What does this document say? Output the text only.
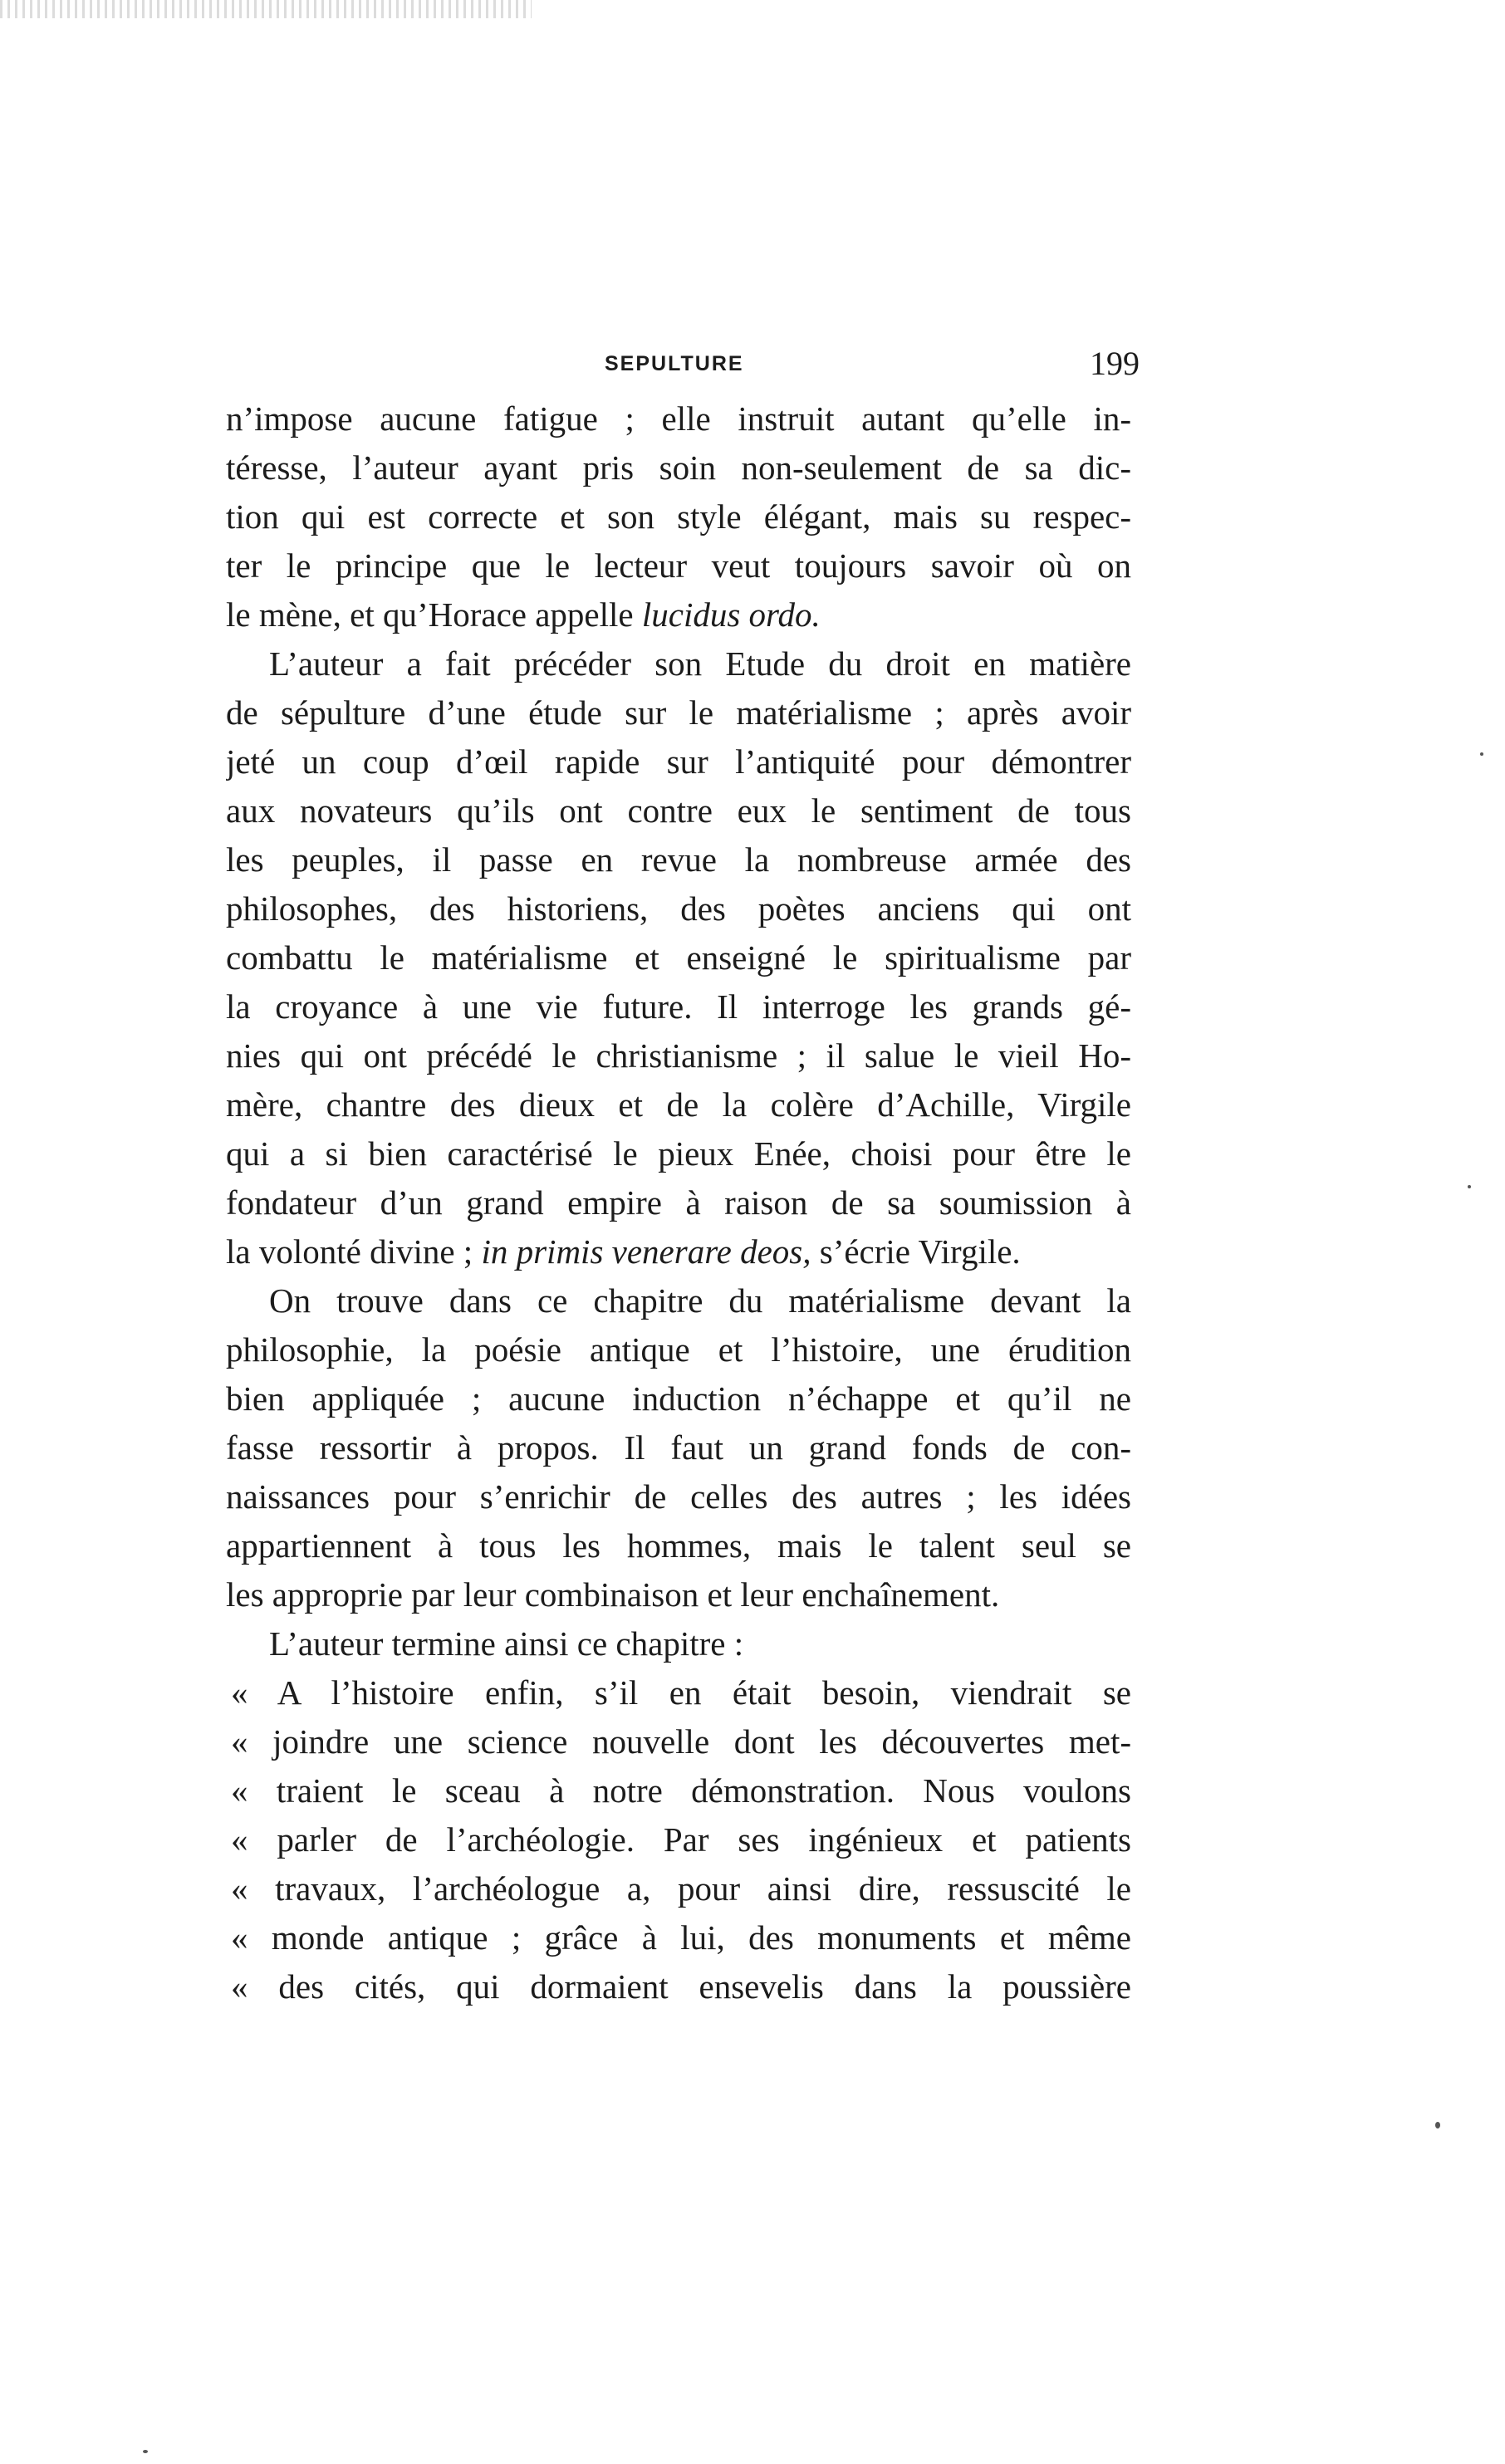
SEPULTURE	199
n’impose aucune fatigue ; elle instruit autant qu’elle in-
téresse, l’auteur ayant pris soin non-seulement de sa dic-
tion qui est correcte et son style élégant, mais su respec-
ter le principe que le lecteur veut toujours savoir où on
le mène, et qu’Horace appelle lucidus ordo.
L’auteur a fait précéder son Etude du droit en matière
de sépulture d’une étude sur le matérialisme ; après avoir
jeté un coup d’œil rapide sur l’antiquité pour démontrer
aux novateurs qu’ils ont contre eux le sentiment de tous
les peuples, il passe en revue la nombreuse armée des
philosophes, des historiens, des poètes anciens qui ont
combattu le matérialisme et enseigné le spiritualisme par
la croyance à une vie future. Il interroge les grands gé-
nies qui ont précédé le christianisme ; il salue le vieil Ho-
mère, chantre des dieux et de la colère d’Achille, Virgile
qui a si bien caractérisé le pieux Enée, choisi pour être le
fondateur d’un grand empire à raison de sa soumission à
la volonté divine ; in primis venerare deos, s’écrie Virgile.
On trouve dans ce chapitre du matérialisme devant la
philosophie, la poésie antique et l’histoire, une érudition
bien appliquée ; aucune induction n’échappe et qu’il ne
fasse ressortir à propos. Il faut un grand fonds de con-
naissances pour s’enrichir de celles des autres ; les idées
appartiennent à tous les hommes, mais le talent seul se
les approprie par leur combinaison et leur enchaînement.
L’auteur termine ainsi ce chapitre :
« A l’histoire enfin, s’il en était besoin, viendrait se
« joindre une science nouvelle dont les découvertes met-
« traient le sceau à notre démonstration. Nous voulons
« parler de l’archéologie. Par ses ingénieux et patients
« travaux, l’archéologue a, pour ainsi dire, ressuscité le
« monde antique ; grâce à lui, des monuments et même
« des cités, qui dormaient ensevelis dans la poussière
